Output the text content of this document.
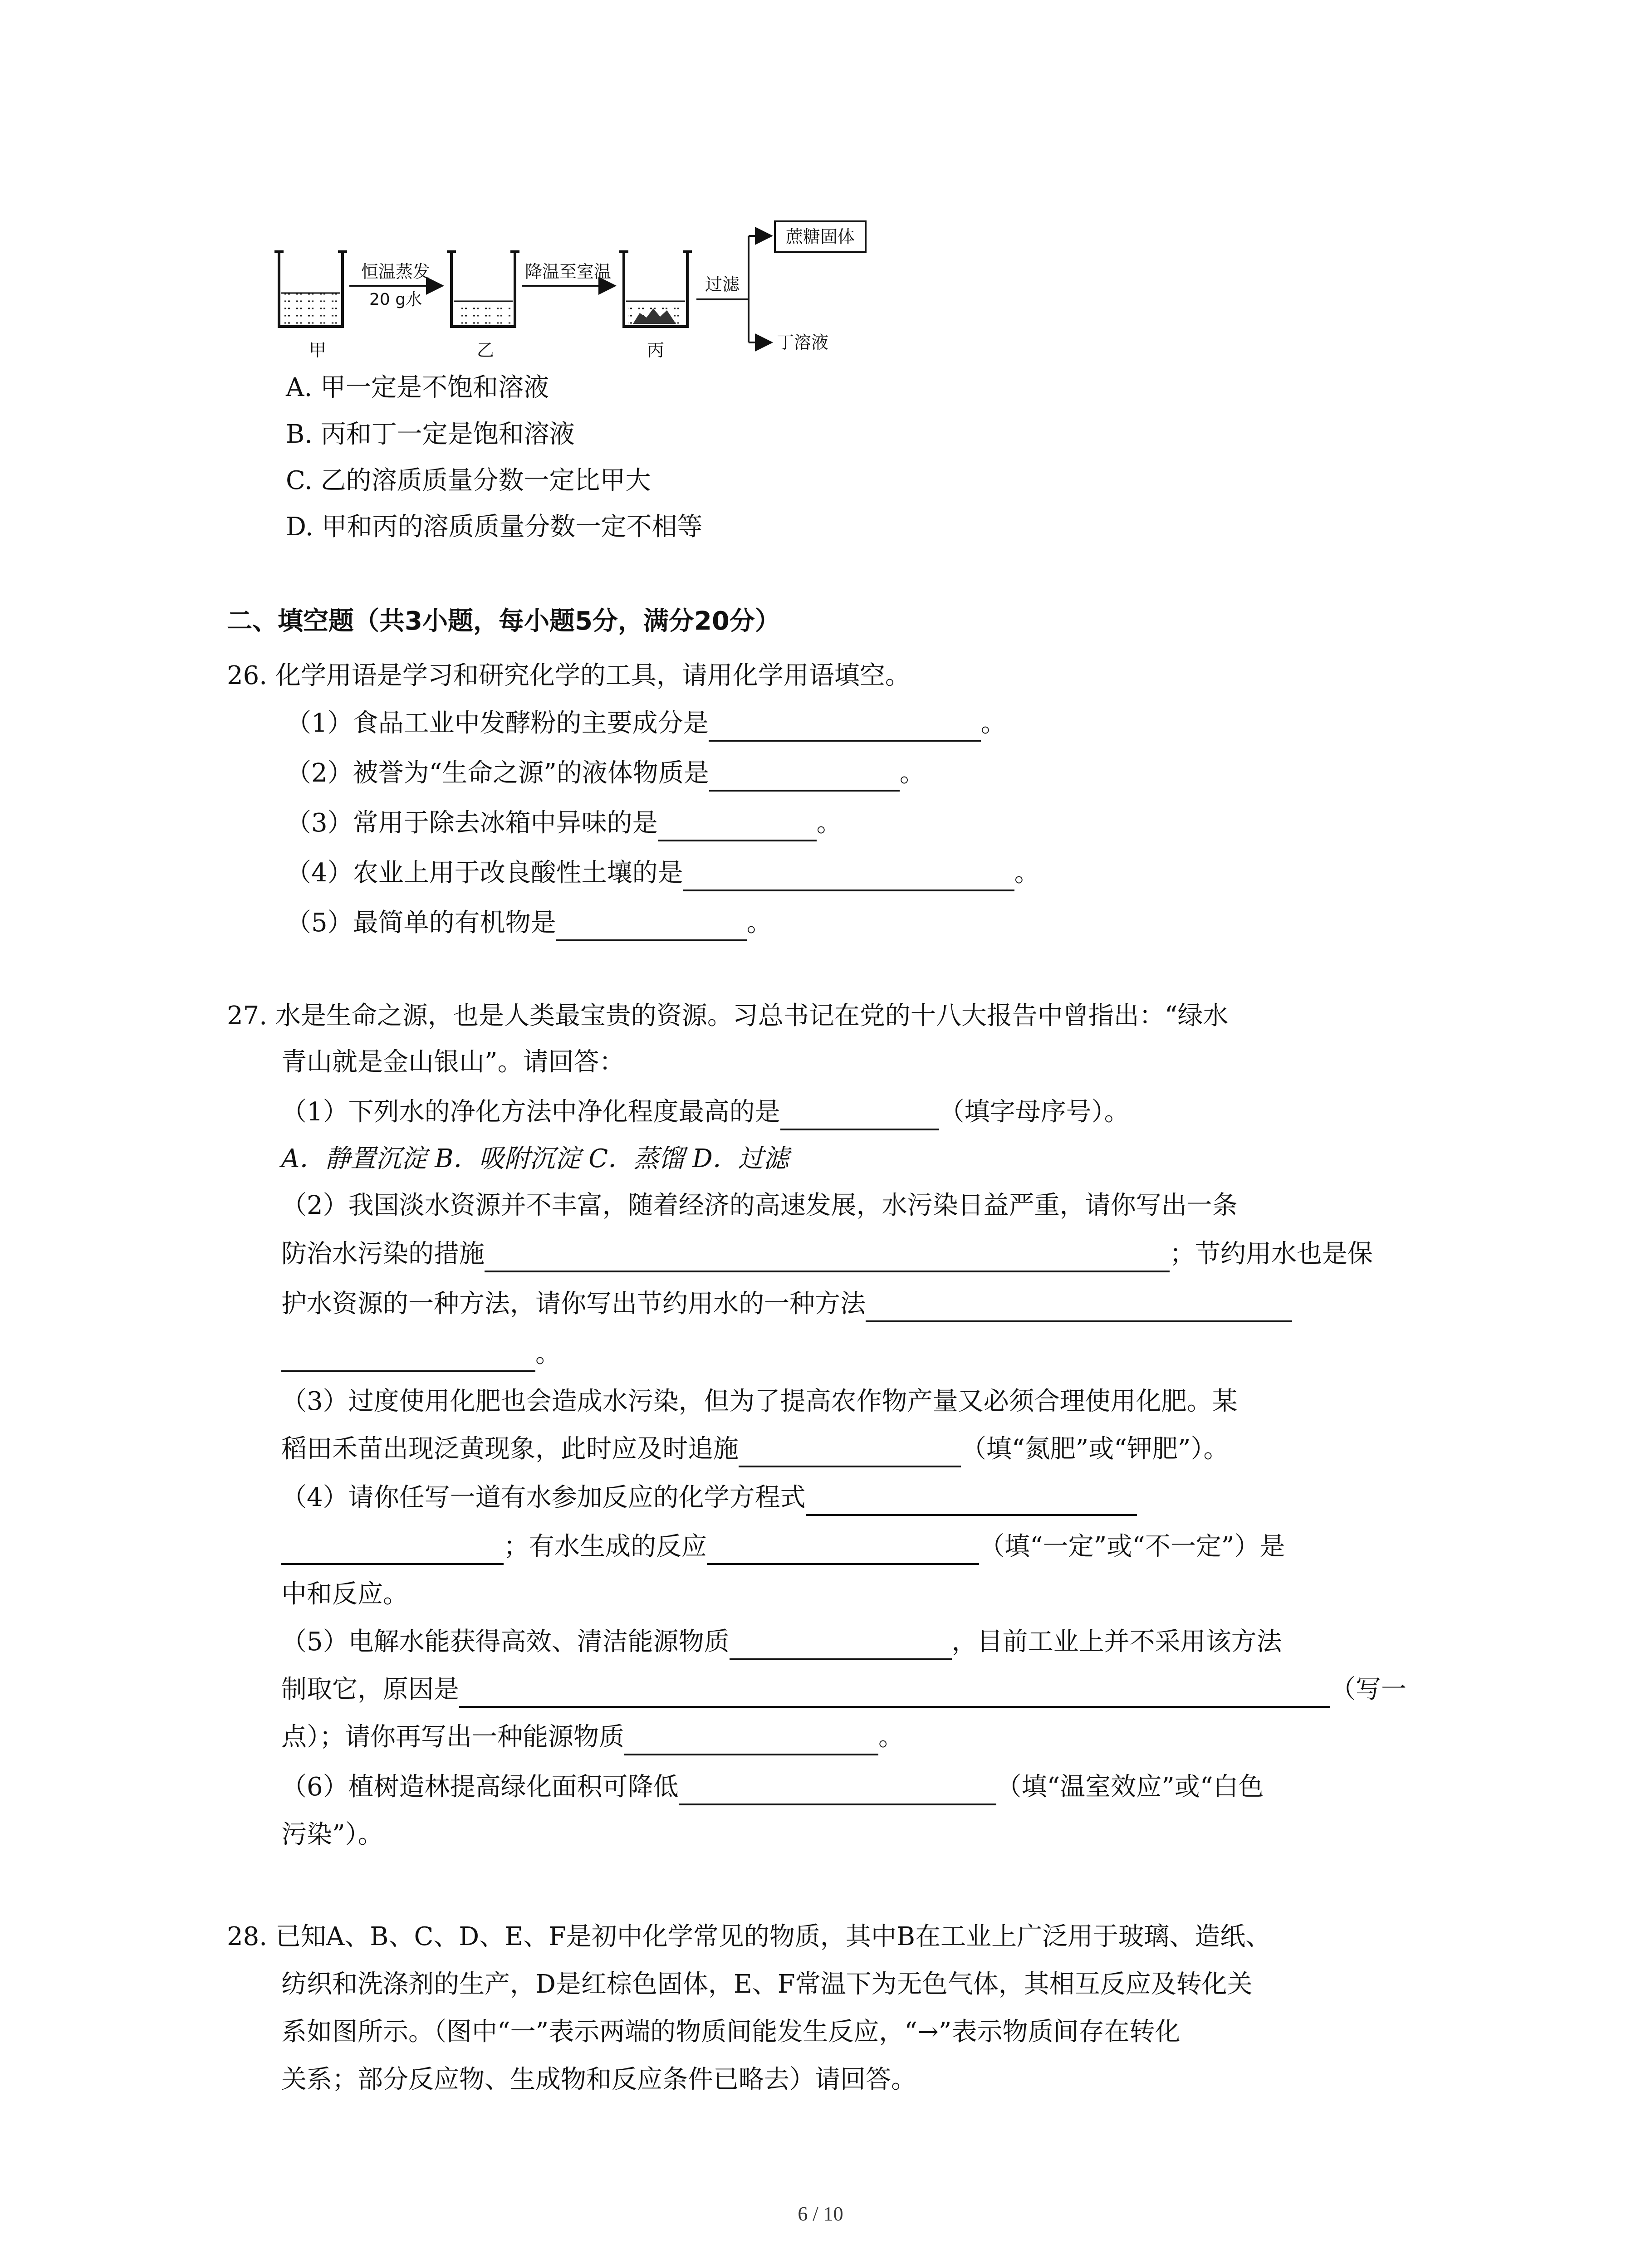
恒温蒸发
20 g水
降温至室温
过滤
蔗糖固体
丁溶液
甲	乙	丙
A. 甲一定是不饱和溶液
B. 丙和丁一定是饱和溶液
C. 乙的溶质质量分数一定比甲大
D. 甲和丙的溶质质量分数一定不相等
二、填空题（共3小题，每小题5分，满分20分）
26. 化学用语是学习和研究化学的工具，请用化学用语填空。
（1）食品工业中发酵粉的主要成分是	。
（2）被誉为“生命之源”的液体物质是	。
（3）常用于除去冰箱中异味的是	。
（4）农业上用于改良酸性土壤的是	。
（5）最简单的有机物是	。
27. 水是生命之源，也是人类最宝贵的资源。习总书记在党的十八大报告中曾指出：“绿水
青山就是金山银山”。请回答：
（1）下列水的净化方法中净化程度最高的是	（填字母序号）。
A．静置沉淀 B．吸附沉淀 C．蒸馏 D．过滤
（2）我国淡水资源并不丰富，随着经济的高速发展，水污染日益严重，请你写出一条
防治水污染的措施	；节约用水也是保
护水资源的一种方法，请你写出节约用水的一种方法
。
（3）过度使用化肥也会造成水污染，但为了提高农作物产量又必须合理使用化肥。某
稻田禾苗出现泛黄现象，此时应及时追施	（填“氮肥”或“钾肥”）。
（4）请你任写一道有水参加反应的化学方程式
；有水生成的反应	（填“一定”或“不一定”）是
中和反应。
（5）电解水能获得高效、清洁能源物质	，目前工业上并不采用该方法
制取它，原因是	（写一
点）；请你再写出一种能源物质	。
（6）植树造林提高绿化面积可降低	（填“温室效应”或“白色
污染”）。
28. 已知A、B、C、D、E、F是初中化学常见的物质，其中B在工业上广泛用于玻璃、造纸、
纺织和洗涤剂的生产，D是红棕色固体，E、F常温下为无色气体，其相互反应及转化关
系如图所示。（图中“一”表示两端的物质间能发生反应，“→”表示物质间存在转化
关系；部分反应物、生成物和反应条件已略去）请回答。
6 / 10
